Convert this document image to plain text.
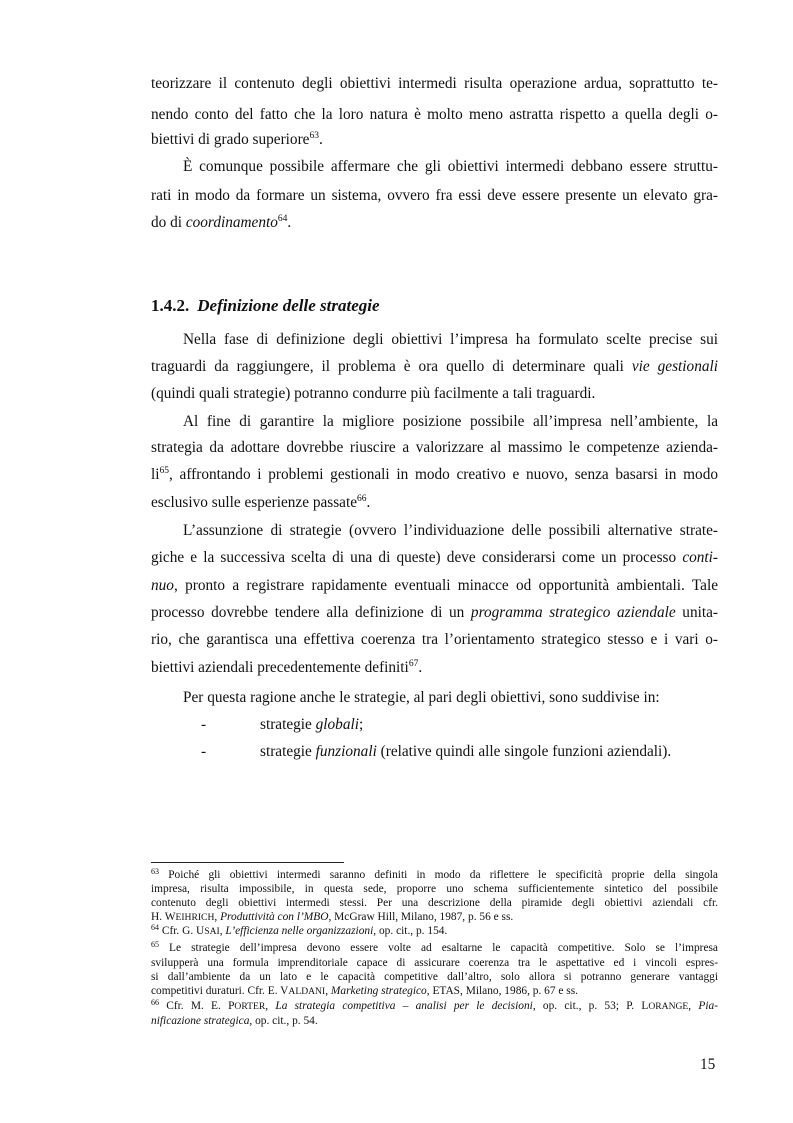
teorizzare il contenuto degli obiettivi intermedi risulta operazione ardua, soprattutto te-
nendo conto del fatto che la loro natura è molto meno astratta rispetto a quella degli o-
biettivi di grado superiore$^{63}$.
È comunque possibile affermare che gli obiettivi intermedi debbano essere struttu-
rati in modo da formare un sistema, ovvero fra essi deve essere presente un elevato gra-
do di coordinamento$^{64}$.
1.4.2. Definizione delle strategie
Nella fase di definizione degli obiettivi l’impresa ha formulato scelte precise sui
traguardi da raggiungere, il problema è ora quello di determinare quali vie gestionali
(quindi quali strategie) potranno condurre più facilmente a tali traguardi.
Al fine di garantire la migliore posizione possibile all’impresa nell’ambiente, la
strategia da adottare dovrebbe riuscire a valorizzare al massimo le competenze azienda-
$li^{65}$, affrontando i problemi gestionali in modo creativo e nuovo, senza basarsi in modo
esclusivo sulle esperienze passate$^{66}$.
L’assunzione di strategie (ovvero l’individuazione delle possibili alternative strate-
giche e la successiva scelta di una di queste) deve considerarsi come un processo conti-
nuo, pronto a registrare rapidamente eventuali minacce od opportunità ambientali. Tale
processo dovrebbe tendere alla definizione di un programma strategico aziendale unita-
rio, che garantisca una effettiva coerenza tra l’orientamento strategico stesso e i vari o-
biettivi aziendali precedentemente definiti$^{67}$.
Per questa ragione anche le strategie, al pari degli obiettivi, sono suddivise in:
-	strategie globali;
-	strategie funzionali (relative quindi alle singole funzioni aziendali).
$^{63}$ Poiché gli obiettivi intermedi saranno definiti in modo da riflettere le specificità proprie della singola
impresa, risulta impossibile, in questa sede, proporre uno schema sufficientemente sintetico del possibile
contenuto degli obiettivi intermedi stessi. Per una descrizione della piramide degli obiettivi aziendali cfr.
H. WEIHRICH, Produttività con l’MBO, McGraw Hill, Milano, 1987, p. 56 e ss.
$^{64}$ Cfr. G. USAI, L’efficienza nelle organizzazioni, op. cit., p. 154.
$^{65}$ Le strategie dell’impresa devono essere volte ad esaltarne le capacità competitive. Solo se l’impresa
svilupperà una formula imprenditoriale capace di assicurare coerenza tra le aspettative ed i vincoli espres-
si dall’ambiente da un lato e le capacità competitive dall’altro, solo allora si potranno generare vantaggi
competitivi duraturi. Cfr. E. VALDANI, Marketing strategico, ETAS, Milano, 1986, p. 67 e ss.
$^{66}$ Cfr. M. E. PORTER, La strategia competitiva – analisi per le decisioni, op. cit., p. 53; P. LORANGE, Pia-
nificazione strategica, op. cit., p. 54.
15
